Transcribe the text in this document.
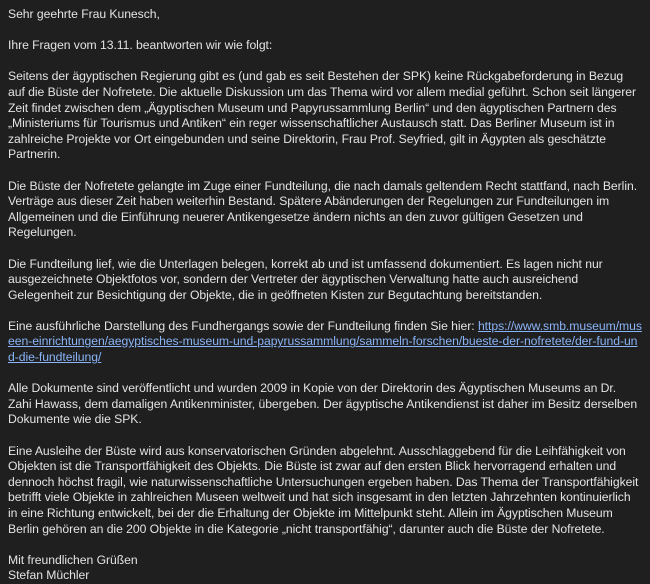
Sehr geehrte Frau Kunesch,

Ihre Fragen vom 13.11. beantworten wir wie folgt:

Seitens der ägyptischen Regierung gibt es (und gab es seit Bestehen der SPK) keine Rückgabeforderung in Bezug auf die Büste der Nofretete. Die aktuelle Diskussion um das Thema wird vor allem medial geführt. Schon seit längerer Zeit findet zwischen dem „Ägyptischen Museum und Papyrussammlung Berlin“ und den ägyptischen Partnern des „Ministeriums für Tourismus und Antiken“ ein reger wissenschaftlicher Austausch statt. Das Berliner Museum ist in zahlreiche Projekte vor Ort eingebunden und seine Direktorin, Frau Prof. Seyfried, gilt in Ägypten als geschätzte Partnerin.

Die Büste der Nofretete gelangte im Zuge einer Fundteilung, die nach damals geltendem Recht stattfand, nach Berlin. Verträge aus dieser Zeit haben weiterhin Bestand. Spätere Abänderungen der Regelungen zur Fundteilungen im Allgemeinen und die Einführung neuerer Antikengesetze ändern nichts an den zuvor gültigen Gesetzen und Regelungen.

Die Fundteilung lief, wie die Unterlagen belegen, korrekt ab und ist umfassend dokumentiert. Es lagen nicht nur ausgezeichnete Objektfotos vor, sondern der Vertreter der ägyptischen Verwaltung hatte auch ausreichend Gelegenheit zur Besichtigung der Objekte, die in geöffneten Kisten zur Begutachtung bereitstanden.

Eine ausführliche Darstellung des Fundhergangs sowie der Fundteilung finden Sie hier: https://www.smb.museum/museen-einrichtungen/aegyptisches-museum-und-papyrussammlung/sammeln-forschen/bueste-der-nofretete/der-fund-und-die-fundteilung/

Alle Dokumente sind veröffentlicht und wurden 2009 in Kopie von der Direktorin des Ägyptischen Museums an Dr. Zahi Hawass, dem damaligen Antikenminister, übergeben. Der ägyptische Antikendienst ist daher im Besitz derselben Dokumente wie die SPK.

Eine Ausleihe der Büste wird aus konservatorischen Gründen abgelehnt. Ausschlaggebend für die Leihfähigkeit von Objekten ist die Transportfähigkeit des Objekts. Die Büste ist zwar auf den ersten Blick hervorragend erhalten und dennoch höchst fragil, wie naturwissenschaftliche Untersuchungen ergeben haben. Das Thema der Transportfähigkeit betrifft viele Objekte in zahlreichen Museen weltweit und hat sich insgesamt in den letzten Jahrzehnten kontinuierlich in eine Richtung entwickelt, bei der die Erhaltung der Objekte im Mittelpunkt steht. Allein im Ägyptischen Museum Berlin gehören an die 200 Objekte in die Kategorie „nicht transportfähig“, darunter auch die Büste der Nofretete.

Mit freundlichen Grüßen
Stefan Müchler
